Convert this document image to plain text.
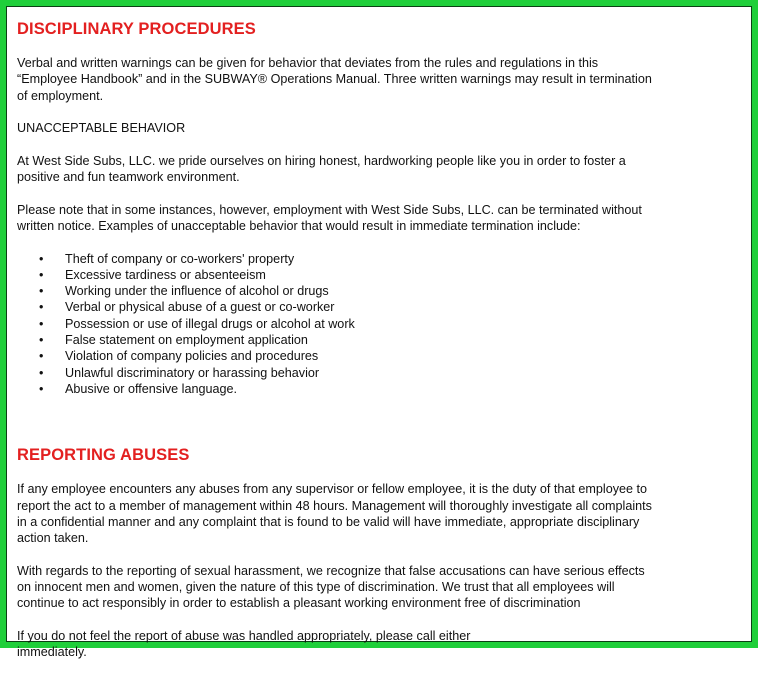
DISCIPLINARY PROCEDURES

Verbal and written warnings can be given for behavior that deviates from the rules and regulations in this
“Employee Handbook” and in the SUBWAY® Operations Manual. Three written warnings may result in termination
of employment.

UNACCEPTABLE BEHAVIOR

At West Side Subs, LLC. we pride ourselves on hiring honest, hardworking people like you in order to foster a
positive and fun teamwork environment.

Please note that in some instances, however, employment with West Side Subs, LLC. can be terminated without
written notice. Examples of unacceptable behavior that would result in immediate termination include:

• Theft of company or co-workers' property
• Excessive tardiness or absenteeism
• Working under the influence of alcohol or drugs
• Verbal or physical abuse of a guest or co-worker
• Possession or use of illegal drugs or alcohol at work
• False statement on employment application
• Violation of company policies and procedures
• Unlawful discriminatory or harassing behavior
• Abusive or offensive language.
REPORTING ABUSES

If any employee encounters any abuses from any supervisor or fellow employee, it is the duty of that employee to
report the act to a member of management within 48 hours. Management will thoroughly investigate all complaints
in a confidential manner and any complaint that is found to be valid will have immediate, appropriate disciplinary
action taken.

With regards to the reporting of sexual harassment, we recognize that false accusations can have serious effects
on innocent men and women, given the nature of this type of discrimination. We trust that all employees will
continue to act responsibly in order to establish a pleasant working environment free of discrimination

If you do not feel the report of abuse was handled appropriately, please call either
immediately.
